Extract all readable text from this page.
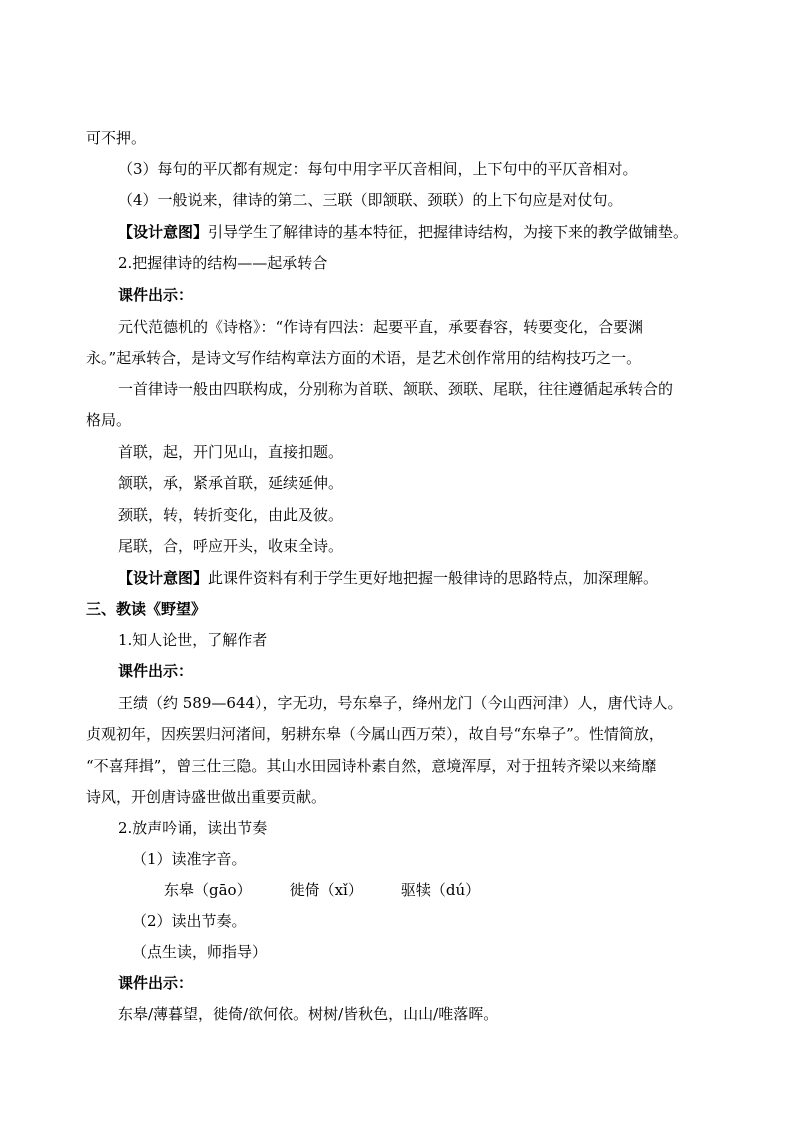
可不押。
（3）每句的平仄都有规定：每句中用字平仄音相间，上下句中的平仄音相对。
（4）一般说来，律诗的第二、三联（即颔联、颈联）的上下句应是对仗句。
【设计意图】引导学生了解律诗的基本特征，把握律诗结构，为接下来的教学做铺垫。
2.把握律诗的结构——起承转合
课件出示：
元代范德机的《诗格》：“作诗有四法：起要平直，承要舂容，转要变化，合要渊
永。”起承转合，是诗文写作结构章法方面的术语，是艺术创作常用的结构技巧之一。
一首律诗一般由四联构成，分别称为首联、颔联、颈联、尾联，往往遵循起承转合的
格局。
首联，起，开门见山，直接扣题。
颔联，承，紧承首联，延续延伸。
颈联，转，转折变化，由此及彼。
尾联，合，呼应开头，收束全诗。
【设计意图】此课件资料有利于学生更好地把握一般律诗的思路特点，加深理解。
三、教读《野望》
1.知人论世，了解作者
课件出示：
王绩（约 589—644），字无功，号东皋子，绛州龙门（今山西河津）人，唐代诗人。
贞观初年，因疾罢归河渚间，躬耕东皋（今属山西万荣），故自号“东皋子”。性情简放，
“不喜拜揖”，曾三仕三隐。其山水田园诗朴素自然，意境浑厚，对于扭转齐梁以来绮靡
诗风，开创唐诗盛世做出重要贡献。
2.放声吟诵，读出节奏
（1）读准字音。
东皋（gāo）	徙倚（xǐ）	驱犊（dú）
（2）读出节奏。
（点生读，师指导）
课件出示：
东皋/薄暮望，徙倚/欲何依。树树/皆秋色，山山/唯落晖。
